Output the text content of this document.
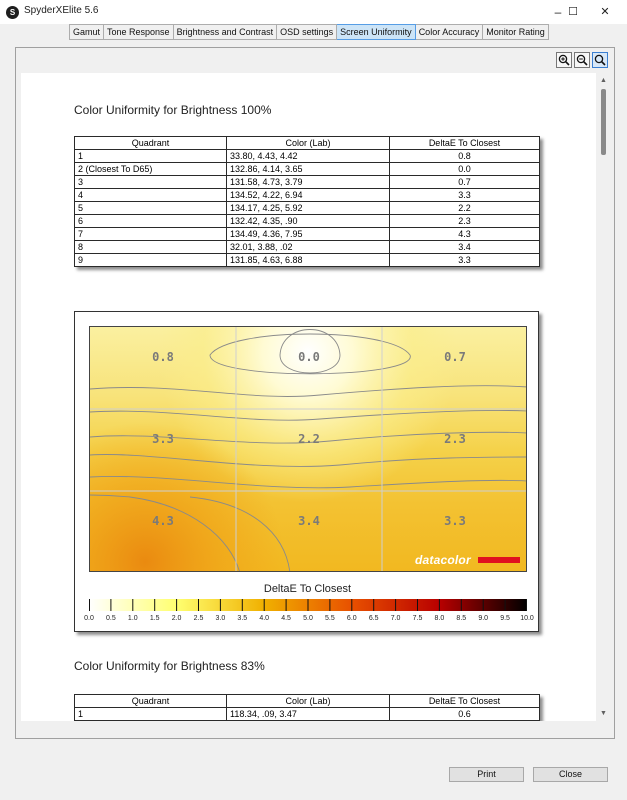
S SpyderXElite 5.6	– ☐	✕
Gamut Tone Response Brightness and Contrast OSD settings Screen Uniformity Color Accuracy Monitor Rating
Color Uniformity for Brightness 100%
Quadrant	Color (Lab)	DeltaE To Closest
1	33.80, 4.43, 4.42	0.8
2 (Closest To D65)	132.86, 4.14, 3.65	0.0
3	131.58, 4.73, 3.79	0.7
4	134.52, 4.22, 6.94	3.3
5	134.17, 4.25, 5.92	2.2
6	132.42, 4.35, .90	2.3
7	134.49, 4.36, 7.95	4.3
8	32.01, 3.88, .02	3.4
9	131.85, 4.63, 6.88	3.3
0.8	0.0	0.7
3.3	2.2	2.3
4.3	3.4	3.3
datacolor
DeltaE To Closest
0.0	0.5	1.0	1.5	2.0	2.5	3.0	3.5	4.0	4.5	5.0	5.5	6.0	6.5	7.0	7.5	8.0	8.5	9.0	9.5	10.0
Color Uniformity for Brightness 83%
Quadrant	Color (Lab)	DeltaE To Closest
1	118.34, .09, 3.47	0.6
▲
▼
Print	Close
